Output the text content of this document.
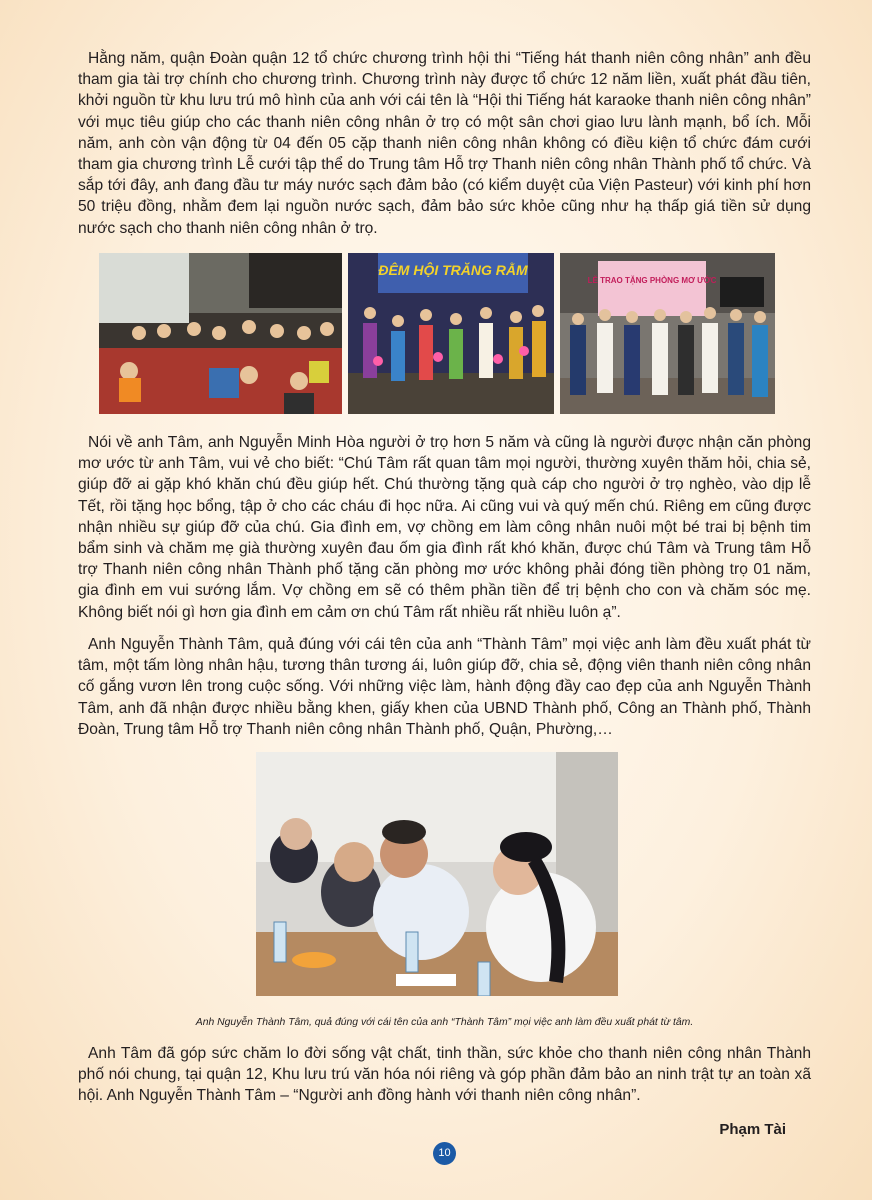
Hằng năm, quận Đoàn quận 12 tổ chức chương trình hội thi “Tiếng hát thanh niên công nhân” anh đều tham gia tài trợ chính cho chương trình. Chương trình này được tổ chức 12 năm liền, xuất phát đầu tiên, khởi nguồn từ khu lưu trú mô hình của anh với cái tên là “Hội thi Tiếng hát karaoke thanh niên công nhân” với mục tiêu giúp cho các thanh niên công nhân ở trọ có một sân chơi giao lưu lành mạnh, bổ ích. Mỗi năm, anh còn vận động từ 04 đến 05 cặp thanh niên công nhân không có điều kiện tổ chức đám cưới tham gia chương trình Lễ cưới tập thể do Trung tâm Hỗ trợ Thanh niên công nhân Thành phố tổ chức. Và sắp tới đây, anh đang đầu tư máy nước sạch đảm bảo (có kiểm duyệt của Viện Pasteur) với kinh phí hơn 50 triệu đồng, nhằm đem lại nguồn nước sạch, đảm bảo sức khỏe cũng như hạ thấp giá tiền sử dụng nước sạch cho thanh niên công nhân ở trọ.

ĐÊM HỘI TRĂNG RẰM
LỄ TRAO TẶNG PHÒNG MƠ ƯỚC

Nói về anh Tâm, anh Nguyễn Minh Hòa người ở trọ hơn 5 năm và cũng là người được nhận căn phòng mơ ước từ anh Tâm, vui vẻ cho biết: “Chú Tâm rất quan tâm mọi người, thường xuyên thăm hỏi, chia sẻ, giúp đỡ ai gặp khó khăn chú đều giúp hết. Chú thường tặng quà cáp cho người ở trọ nghèo, vào dịp lễ Tết, rồi tặng học bổng, tập ở cho các cháu đi học nữa. Ai cũng vui và quý mến chú. Riêng em cũng được nhận nhiều sự giúp đỡ của chú. Gia đình em, vợ chồng em làm công nhân nuôi một bé trai bị bệnh tim bẩm sinh và chăm mẹ già thường xuyên đau ốm gia đình rất khó khăn, được chú Tâm và Trung tâm Hỗ trợ Thanh niên công nhân Thành phố tặng căn phòng mơ ước không phải đóng tiền phòng trọ 01 năm, gia đình em vui sướng lắm. Vợ chồng em sẽ có thêm phần tiền để trị bệnh cho con và chăm sóc mẹ. Không biết nói gì hơn gia đình em cảm ơn chú Tâm rất nhiều rất nhiều luôn ạ”.

Anh Nguyễn Thành Tâm, quả đúng với cái tên của anh “Thành Tâm” mọi việc anh làm đều xuất phát từ tâm, một tấm lòng nhân hậu, tương thân tương ái, luôn giúp đỡ, chia sẻ, động viên thanh niên công nhân cố gắng vươn lên trong cuộc sống. Với những việc làm, hành động đầy cao đẹp của anh Nguyễn Thành Tâm, anh đã nhận được nhiều bằng khen, giấy khen của UBND Thành phố, Công an Thành phố, Thành Đoàn, Trung tâm Hỗ trợ Thanh niên công nhân Thành phố, Quận, Phường,…

Anh Nguyễn Thành Tâm, quả đúng với cái tên của anh “Thành Tâm” mọi việc anh làm đều xuất phát từ tâm.

Anh Tâm đã góp sức chăm lo đời sống vật chất, tinh thần, sức khỏe cho thanh niên công nhân Thành phố nói chung, tại quận 12, Khu lưu trú văn hóa nói riêng và góp phần đảm bảo an ninh trật tự an toàn xã hội. Anh Nguyễn Thành Tâm – “Người anh đồng hành với thanh niên công nhân”.

Phạm Tài
10
